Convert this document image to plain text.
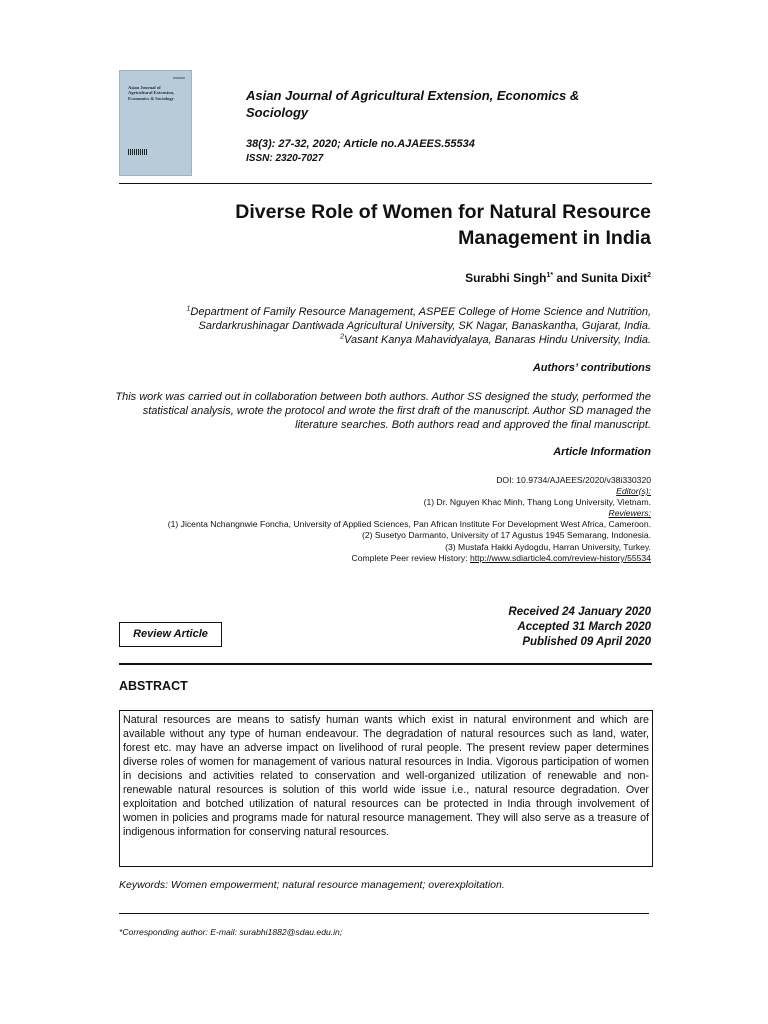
Asian Journal of
Agricultural Extension,
Economics & Sociology	Asian Journal of Agricultural Extension, Economics & Sociology
38(3): 27-32, 2020; Article no.AJAEES.55534
ISSN: 2320-7027
Diverse Role of Women for Natural Resource Management in India
Surabhi Singh$^{1*}$ and Sunita Dixit$^2$
$^1$Department of Family Resource Management, ASPEE College of Home Science and Nutrition,
Sardarkrushinagar Dantiwada Agricultural University, SK Nagar, Banaskantha, Gujarat, India.
$^2$Vasant Kanya Mahavidyalaya, Banaras Hindu University, India.
Authors’ contributions
This work was carried out in collaboration between both authors. Author SS designed the study, performed the statistical analysis, wrote the protocol and wrote the first draft of the manuscript. Author SD managed the literature searches. Both authors read and approved the final manuscript.
Article Information
DOI: 10.9734/AJAEES/2020/v38i330320
Editor(s):
(1) Dr. Nguyen Khac Minh, Thang Long University, Vietnam.
Reviewers:
(1) Jicenta Nchangnwie Foncha, University of Applied Sciences, Pan African Institute For Development West Africa, Cameroon.
(2) Susetyo Darmanto, University of 17 Agustus 1945 Semarang, Indonesia.
(3) Mustafa Hakki Aydogdu, Harran University, Turkey.
Complete Peer review History: http://www.sdiarticle4.com/review-history/55534
Received 24 January 2020
Accepted 31 March 2020
Published 09 April 2020
Review Article
ABSTRACT
Natural resources are means to satisfy human wants which exist in natural environment and which are available without any type of human endeavour. The degradation of natural resources such as land, water, forest etc. may have an adverse impact on livelihood of rural people. The present review paper determines diverse roles of women for management of various natural resources in India. Vigorous participation of women in decisions and activities related to conservation and well-organized utilization of renewable and non-renewable natural resources is solution of this world wide issue i.e., natural resource degradation. Over exploitation and botched utilization of natural resources can be protected in India through involvement of women in policies and programs made for natural resource management. They will also serve as a treasure of indigenous information for conserving natural resources.
Keywords: Women empowerment; natural resource management; overexploitation.
*Corresponding author: E-mail: surabhi1882@sdau.edu.in;
